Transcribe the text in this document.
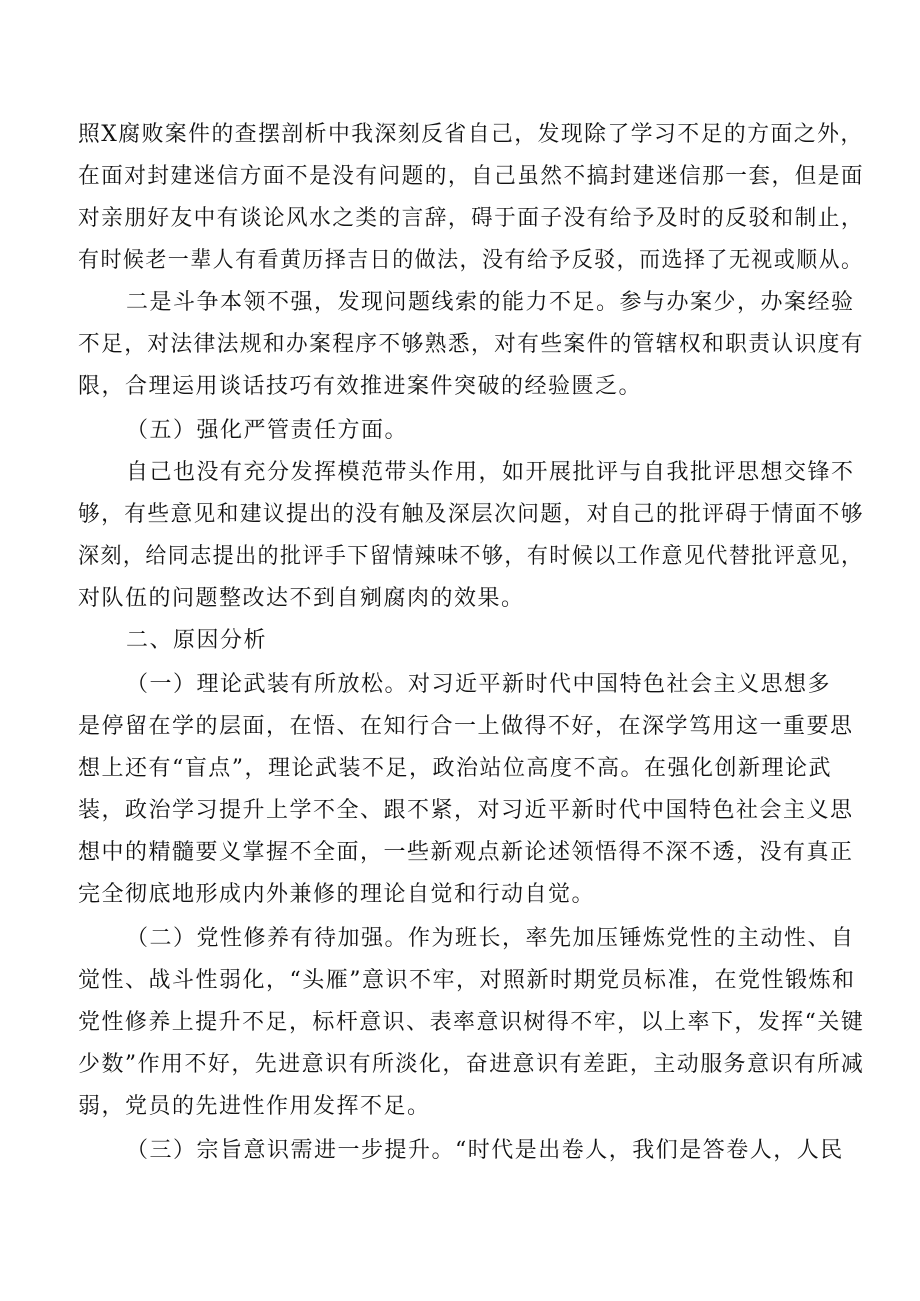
照X腐败案件的查摆剖析中我深刻反省自己，发现除了学习不足的方面之外，
在面对封建迷信方面不是没有问题的，自己虽然不搞封建迷信那一套，但是面
对亲朋好友中有谈论风水之类的言辞，碍于面子没有给予及时的反驳和制止，
有时候老一辈人有看黄历择吉日的做法，没有给予反驳，而选择了无视或顺从。
二是斗争本领不强，发现问题线索的能力不足。参与办案少，办案经验
不足，对法律法规和办案程序不够熟悉，对有些案件的管辖权和职责认识度有
限，合理运用谈话技巧有效推进案件突破的经验匮乏。
（五）强化严管责任方面。
自己也没有充分发挥模范带头作用，如开展批评与自我批评思想交锋不
够，有些意见和建议提出的没有触及深层次问题，对自己的批评碍于情面不够
深刻，给同志提出的批评手下留情辣味不够，有时候以工作意见代替批评意见，
对队伍的问题整改达不到自剜腐肉的效果。
二、原因分析
（一）理论武装有所放松。对习近平新时代中国特色社会主义思想多
是停留在学的层面，在悟、在知行合一上做得不好，在深学笃用这一重要思
想上还有“盲点”，理论武装不足，政治站位高度不高。在强化创新理论武
装，政治学习提升上学不全、跟不紧，对习近平新时代中国特色社会主义思
想中的精髓要义掌握不全面，一些新观点新论述领悟得不深不透，没有真正
完全彻底地形成内外兼修的理论自觉和行动自觉。
（二）党性修养有待加强。作为班长，率先加压锤炼党性的主动性、自
觉性、战斗性弱化，“头雁”意识不牢，对照新时期党员标准，在党性锻炼和
党性修养上提升不足，标杆意识、表率意识树得不牢，以上率下，发挥“关键
少数”作用不好，先进意识有所淡化，奋进意识有差距，主动服务意识有所减
弱，党员的先进性作用发挥不足。
（三）宗旨意识需进一步提升。“时代是出卷人，我们是答卷人，人民
